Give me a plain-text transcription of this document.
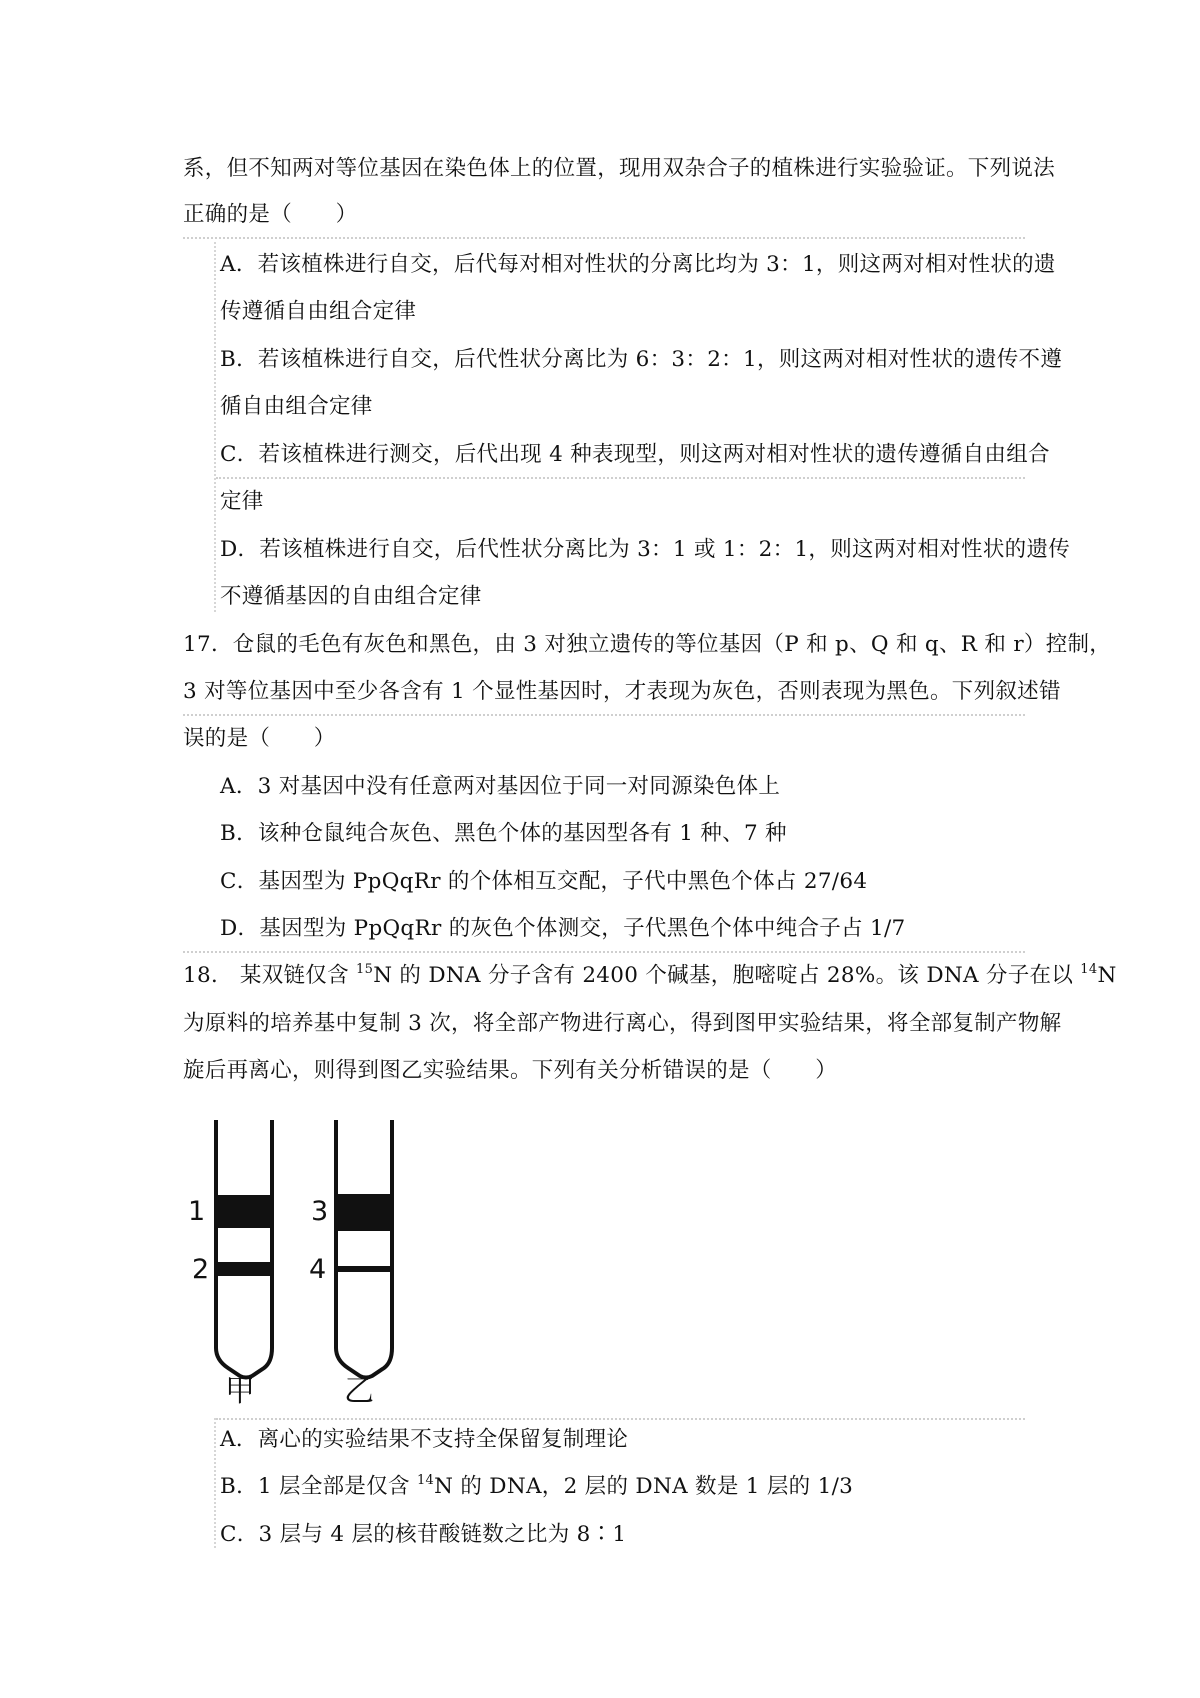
系，但不知两对等位基因在染色体上的位置，现用双杂合子的植株进行实验验证。下列说法
正确的是（　　）
A．若该植株进行自交，后代每对相对性状的分离比均为 3：1，则这两对相对性状的遗
传遵循自由组合定律
B．若该植株进行自交，后代性状分离比为 6：3：2：1，则这两对相对性状的遗传不遵
循自由组合定律
C．若该植株进行测交，后代出现 4 种表现型，则这两对相对性状的遗传遵循自由组合
定律
D．若该植株进行自交，后代性状分离比为 3：1 或 1：2：1，则这两对相对性状的遗传
不遵循基因的自由组合定律
17．仓鼠的毛色有灰色和黑色，由 3 对独立遗传的等位基因（P 和 p、Q 和 q、R 和 r）控制，
3 对等位基因中至少各含有 1 个显性基因时，才表现为灰色，否则表现为黑色。下列叙述错
误的是（　　）
A．3 对基因中没有任意两对基因位于同一对同源染色体上
B．该种仓鼠纯合灰色、黑色个体的基因型各有 1 种、7 种
C．基因型为 PpQqRr 的个体相互交配，子代中黑色个体占 27/64
D．基因型为 PpQqRr 的灰色个体测交，子代黑色个体中纯合子占 1/7
18． 某双链仅含 $^{15}$N 的 DNA 分子含有 2400 个碱基，胞嘧啶占 28%。该 DNA 分子在以 $^{14}$N
为原料的培养基中复制 3 次，将全部产物进行离心，得到图甲实验结果，将全部复制产物解
旋后再离心，则得到图乙实验结果。下列有关分析错误的是（　　）
1
2
3
4
甲	乙
A．离心的实验结果不支持全保留复制理论
B．1 层全部是仅含 $^{14}$N 的 DNA，2 层的 DNA 数是 1 层的 1/3
C．3 层与 4 层的核苷酸链数之比为 8∶1
